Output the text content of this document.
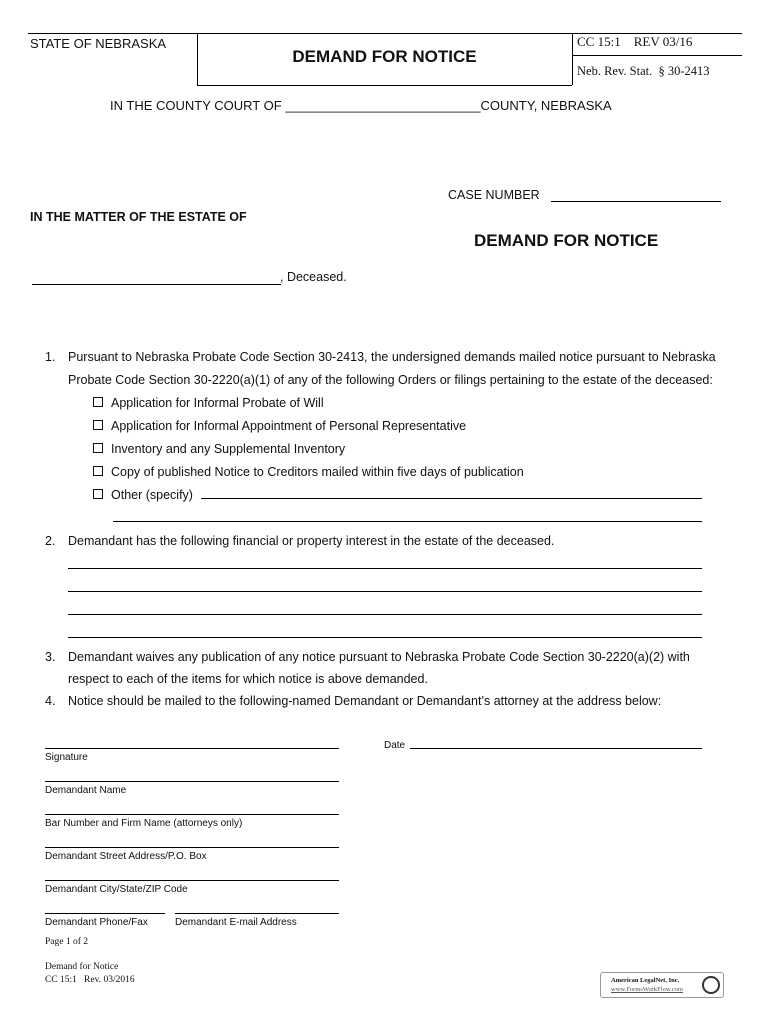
STATE OF NEBRASKA
DEMAND FOR NOTICE
CC 15:1    REV 03/16
Neb. Rev. Stat.  § 30-2413
IN THE COUNTY COURT OF ___________________________COUNTY, NEBRASKA
CASE NUMBER
IN THE MATTER OF THE ESTATE OF
DEMAND FOR NOTICE
, Deceased.
1. Pursuant to Nebraska Probate Code Section 30-2413, the undersigned demands mailed notice pursuant to Nebraska
Probate Code Section 30-2220(a)(1) of any of the following Orders or filings pertaining to the estate of the deceased:
Application for Informal Probate of Will
Application for Informal Appointment of Personal Representative
Inventory and any Supplemental Inventory
Copy of published Notice to Creditors mailed within five days of publication
Other (specify)
2. Demandant has the following financial or property interest in the estate of the deceased.
3. Demandant waives any publication of any notice pursuant to Nebraska Probate Code Section 30-2220(a)(2) with
respect to each of the items for which notice is above demanded.
4. Notice should be mailed to the following-named Demandant or Demandant’s attorney at the address below:
Signature
Date
Demandant Name
Bar Number and Firm Name (attorneys only)
Demandant Street Address/P.O. Box
Demandant City/State/ZIP Code
Demandant Phone/Fax	Demandant E-mail Address
Page 1 of 2
Demand for Notice
CC 15:1   Rev. 03/2016	American LegalNet, Inc.
www.FormsWorkFlow.com
